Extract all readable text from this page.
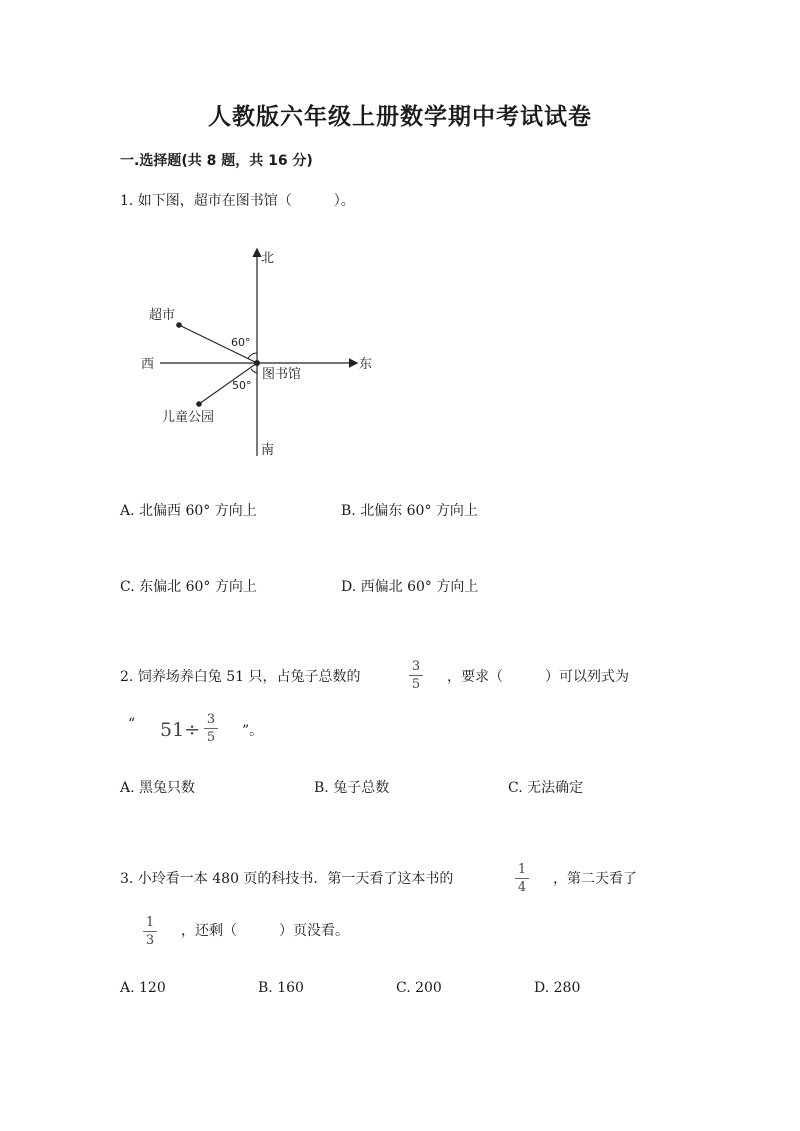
人教版六年级上册数学期中考试试卷
一.选择题(共 8 题，共 16 分)
1. 如下图，超市在图书馆（　　　）。
北
南
东
西
超市
图书馆
儿童公园
60°
50°
A. 北偏西 60° 方向上	B. 北偏东 60° 方向上
C. 东偏北 60° 方向上	D. 西偏北 60° 方向上
2. 饲养场养白兔 51 只，占兔子总数的
3
5	，要求（　　　）可以列式为
“ 51÷ 3
5	”。
A. 黑兔只数	B. 兔子总数	C. 无法确定
3. 小玲看一本 480 页的科技书．第一天看了这本书的
1
4
，第二天看了
1
3
，还剩（　　　）页没看。
A. 120	B. 160	C. 200	D. 280
